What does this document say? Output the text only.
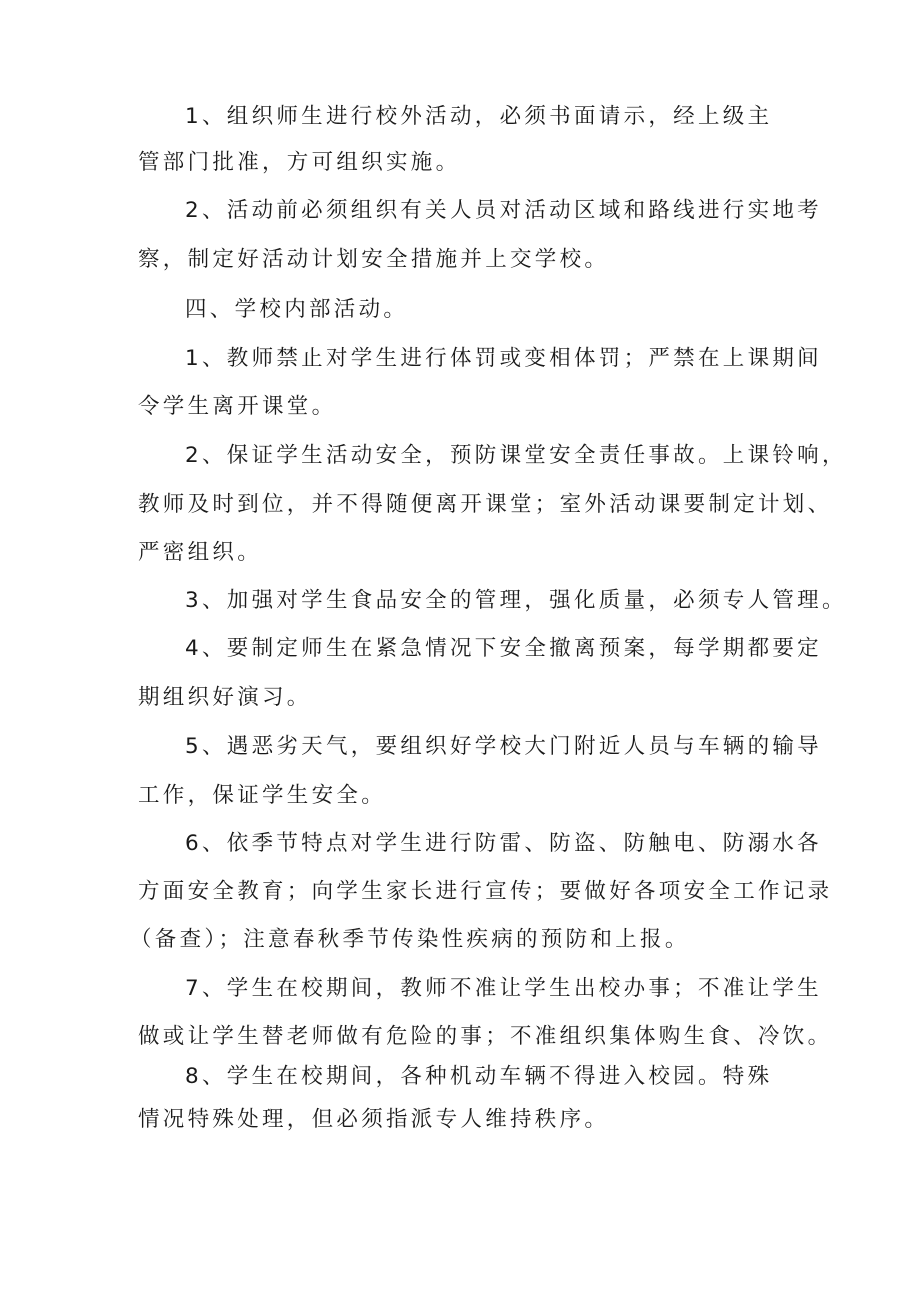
1、组织师生进行校外活动，必须书面请示，经上级主

管部门批准，方可组织实施。

2、活动前必须组织有关人员对活动区域和路线进行实地考

察，制定好活动计划安全措施并上交学校。

四、学校内部活动。

1、教师禁止对学生进行体罚或变相体罚；严禁在上课期间

令学生离开课堂。

2、保证学生活动安全，预防课堂安全责任事故。上课铃响，

教师及时到位，并不得随便离开课堂；室外活动课要制定计划、

严密组织。

3、加强对学生食品安全的管理，强化质量，必须专人管理。

4、要制定师生在紧急情况下安全撤离预案，每学期都要定

期组织好演习。

5、遇恶劣天气，要组织好学校大门附近人员与车辆的输导

工作，保证学生安全。

6、依季节特点对学生进行防雷、防盗、防触电、防溺水各

方面安全教育；向学生家长进行宣传；要做好各项安全工作记录

（备查）；注意春秋季节传染性疾病的预防和上报。

7、学生在校期间，教师不准让学生出校办事；不准让学生

做或让学生替老师做有危险的事；不准组织集体购生食、冷饮。

8、学生在校期间，各种机动车辆不得进入校园。特殊

情况特殊处理，但必须指派专人维持秩序。
